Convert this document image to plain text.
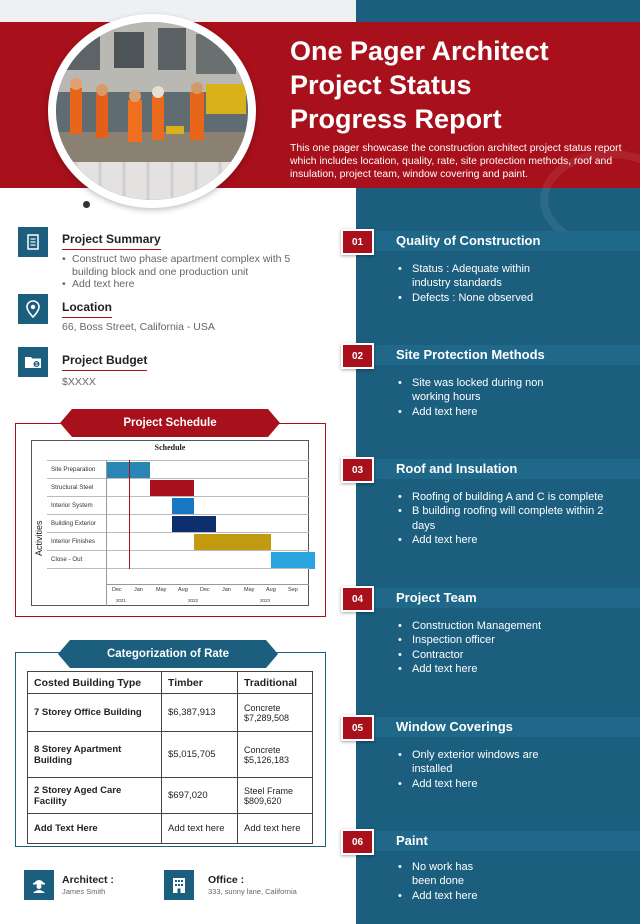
One Pager Architect
Project Status
Progress Report
This one pager showcase the construction architect project status report which includes location, quality, rate, site protection methods, roof and insulation, project team, window covering and paint.
Project Summary
• Construct two phase apartment complex with 5 building block and one production unit
• Add text here
Location
66, Boss Street, California - USA
$ Project Budget
$XXXX
Project Schedule
Schedule
Activities
Site Preparation
Structural Steel
Interior System
Building Exterior
Interior Finishes
Close - Out
Dec Jan May Aug Dec Jan May Aug Sep
2021	2022	2023
Categorization of Rate
Costed Building Type	Timber	Traditional
7 Storey Office Building	$6,387,913	Concrete
$7,289,508
8 Storey Apartment Building	$5,015,705	Concrete
$5,126,183
2 Storey Aged Care Facility	$697,020	Steel Frame
$809,620
Add Text Here	Add text here	Add text here
Architect :
James Smith
Office :
333, sunny lane, California
01	Quality of Construction
• Status : Adequate within industry standards
• Defects : None observed
02	Site Protection Methods
• Site was locked during non working hours
• Add text here
03	Roof and Insulation
• Roofing of building A and C is complete
• B building roofing will complete within 2 days
• Add text here
04	Project Team
• Construction Management
• Inspection officer
• Contractor
• Add text here
05	Window Coverings
• Only exterior windows are installed
• Add text here
06	Paint
• No work has been done
• Add text here
